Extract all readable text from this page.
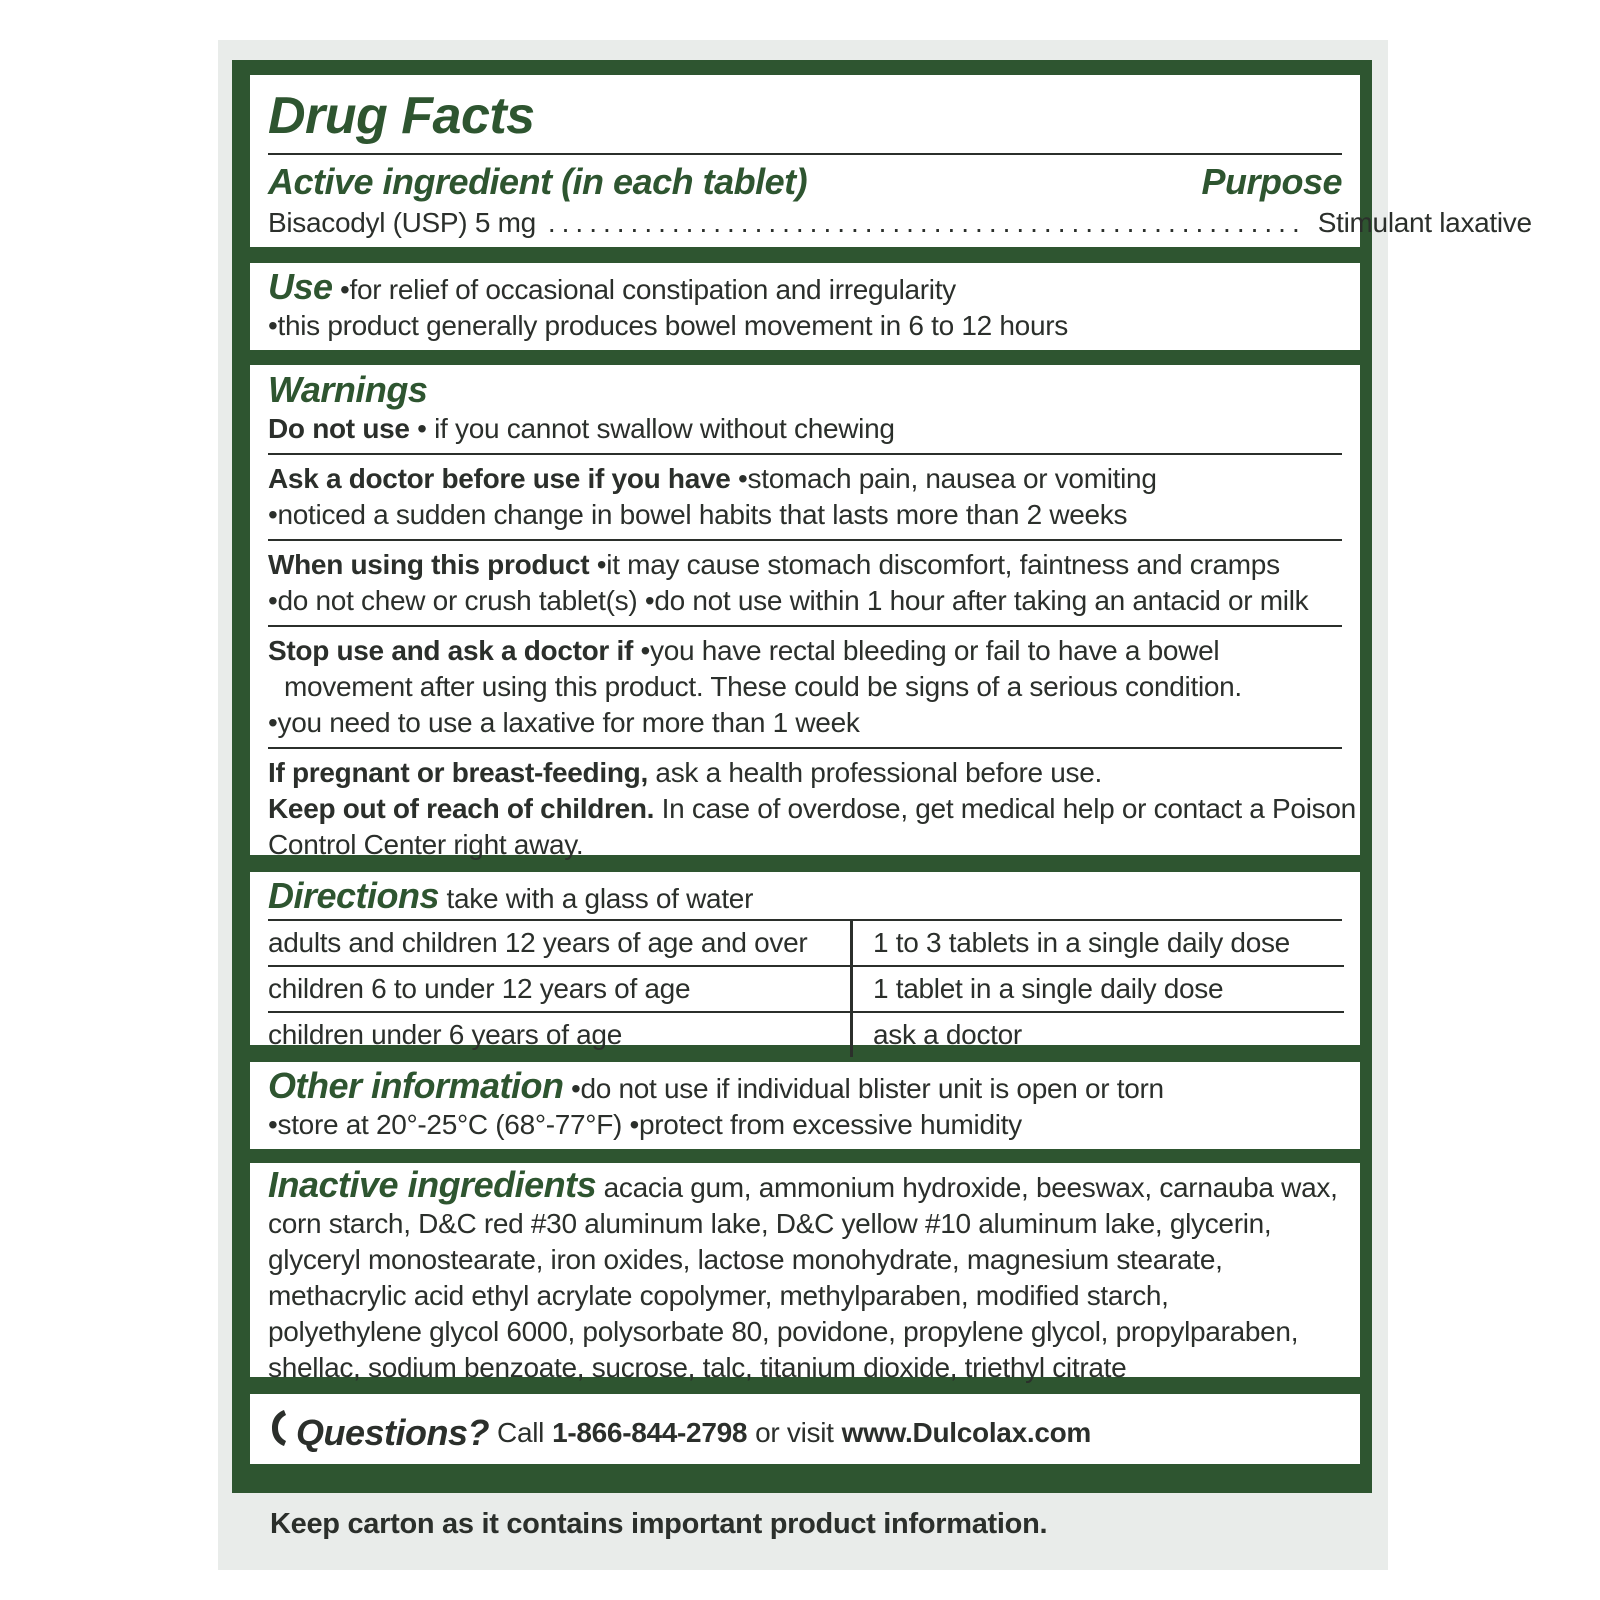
Drug Facts
Active ingredient (in each tablet)	Purpose
Bisacodyl (USP) 5 mg ....................................................... Stimulant laxative
Use •for relief of occasional constipation and irregularity
•this product generally produces bowel movement in 6 to 12 hours
Warnings
Do not use • if you cannot swallow without chewing
Ask a doctor before use if you have •stomach pain, nausea or vomiting
•noticed a sudden change in bowel habits that lasts more than 2 weeks
When using this product •it may cause stomach discomfort, faintness and cramps
•do not chew or crush tablet(s) •do not use within 1 hour after taking an antacid or milk
Stop use and ask a doctor if •you have rectal bleeding or fail to have a bowel
movement after using this product. These could be signs of a serious condition.
•you need to use a laxative for more than 1 week
If pregnant or breast-feeding, ask a health professional before use.
Keep out of reach of children. In case of overdose, get medical help or contact a Poison
Control Center right away.
Directions take with a glass of water
adults and children 12 years of age and over	1 to 3 tablets in a single daily dose
children 6 to under 12 years of age	1 tablet in a single daily dose
children under 6 years of age	ask a doctor
Other information •do not use if individual blister unit is open or torn
•store at 20°-25°C (68°-77°F) •protect from excessive humidity
Inactive ingredients acacia gum, ammonium hydroxide, beeswax, carnauba wax,
corn starch, D&C red #30 aluminum lake, D&C yellow #10 aluminum lake, glycerin,
glyceryl monostearate, iron oxides, lactose monohydrate, magnesium stearate,
methacrylic acid ethyl acrylate copolymer, methylparaben, modified starch,
polyethylene glycol 6000, polysorbate 80, povidone, propylene glycol, propylparaben,
shellac, sodium benzoate, sucrose, talc, titanium dioxide, triethyl citrate
Questions? Call 1-866-844-2798 or visit www.Dulcolax.com
Keep carton as it contains important product information.
